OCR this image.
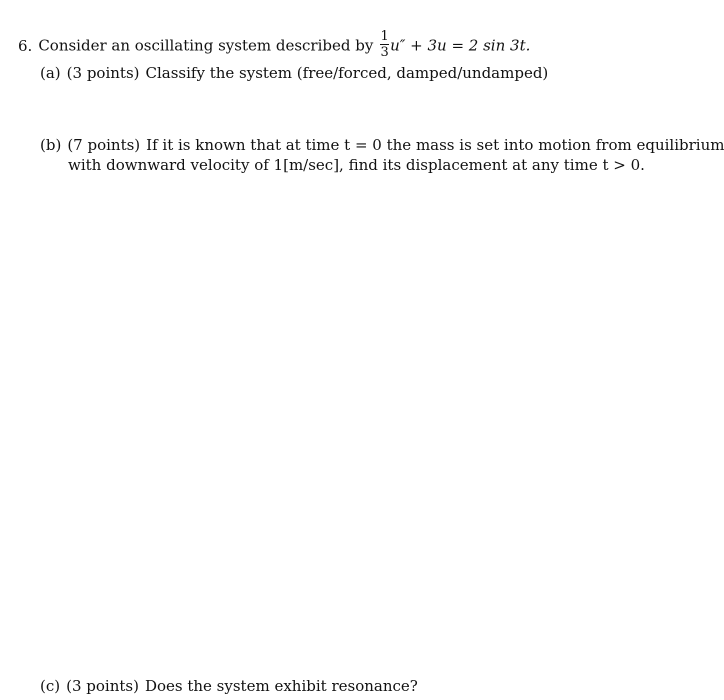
6. Consider an oscillating system described by $\frac{1}{3} u'' + 3u = 2$ sin 3t.
(a) (3 points) Classify the system (free/forced, damped/undamped)
(b) (7 points) If it is known that at time t = 0 the mass is set into motion from equilibrium
with downward velocity of 1[m/sec], find its displacement at any time t > 0.
(c) (3 points) Does the system exhibit resonance?
